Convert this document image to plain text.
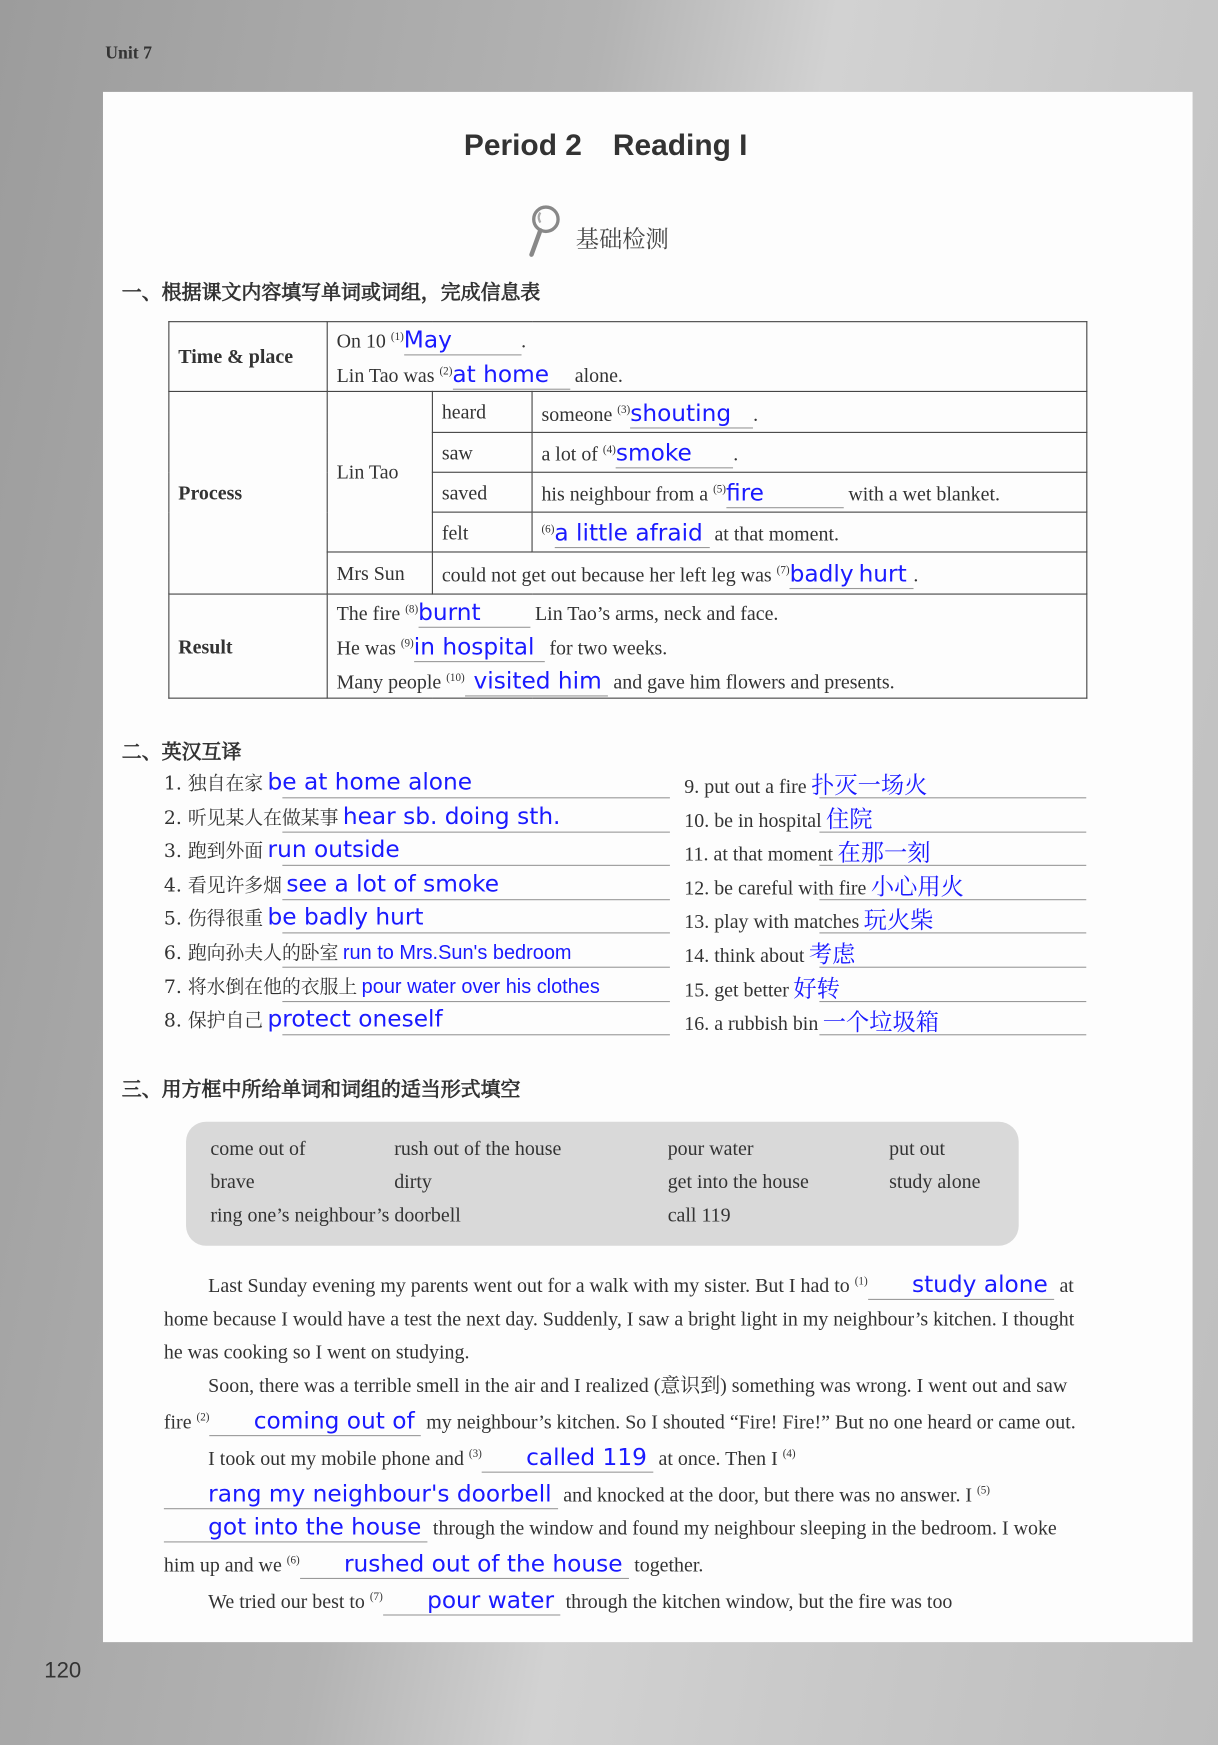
Unit 7
Period 2 Reading I
基础检测
一、根据课文内容填写单词或词组，完成信息表
Time & place	On 10 $^{(1)}$May .
Lin Tao was $^{(2)}$at home alone.		

Process	Lin Tao	heard	someone $^{(3)}$shouting .
		saw	a lot of $^{(4)}$smoke .
		saved	his neighbour from a $^{(5)}$fire with a wet blanket.
		felt	$^{(6)}$a little afraid at that moment.
	Mrs Sun	could not get out because her left leg was $^{(7)}$badly hurt .	
Result	The fire $^{(8)}$burnt Lin Tao’s arms, neck and face.
He was $^{(9)}$in hospital for two weeks.
Many people $^{(10)}$ visited him and gave him flowers and presents.		
二、英汉互译
1. 独自在家 be at home alone	9. put out a fire 扑灭一场火
2. 听见某人在做某事 hear sb. doing sth.	10. be in hospital 住院
3. 跑到外面 run outside	11. at that moment 在那一刻
4. 看见许多烟 see a lot of smoke	12. be careful with fire 小心用火
5. 伤得很重 be badly hurt	13. play with matches 玩火柴
6. 跑向孙夫人的卧室 run to Mrs.Sun's bedroom	14. think about 考虑
7. 将水倒在他的衣服上 pour water over his clothes	15. get better 好转
8. 保护自己 protect oneself	16. a rubbish bin 一个垃圾箱
三、用方框中所给单词和词组的适当形式填空
come out of	rush out of the house	pour water	put out
brave	dirty	get into the house	study alone
ring one’s neighbour’s doorbell	call 119

Last Sunday evening my parents went out for a walk with my sister. But I had to $^{(1)}$ study alone at home because I would have a test the next day. Suddenly, I saw a bright light in my neighbour’s kitchen. I thought he was cooking so I went on studying.

Soon, there was a terrible smell in the air and I realized (意识到) something was wrong. I went out and saw fire $^{(2)}$ coming out of my neighbour’s kitchen. So I shouted “Fire! Fire!” But no one heard or came out.

I took out my mobile phone and $^{(3)}$ called 119 at once. Then I $^{(4)}$rang my neighbour's doorbell and knocked at the door, but there was no answer. I $^{(5)}$got into the house through the window and found my neighbour sleeping in the bedroom. I woke him up and we $^{(6)}$ rushed out of the house together.

We tried our best to $^{(7)}$ pour water through the kitchen window, but the fire was too

120
